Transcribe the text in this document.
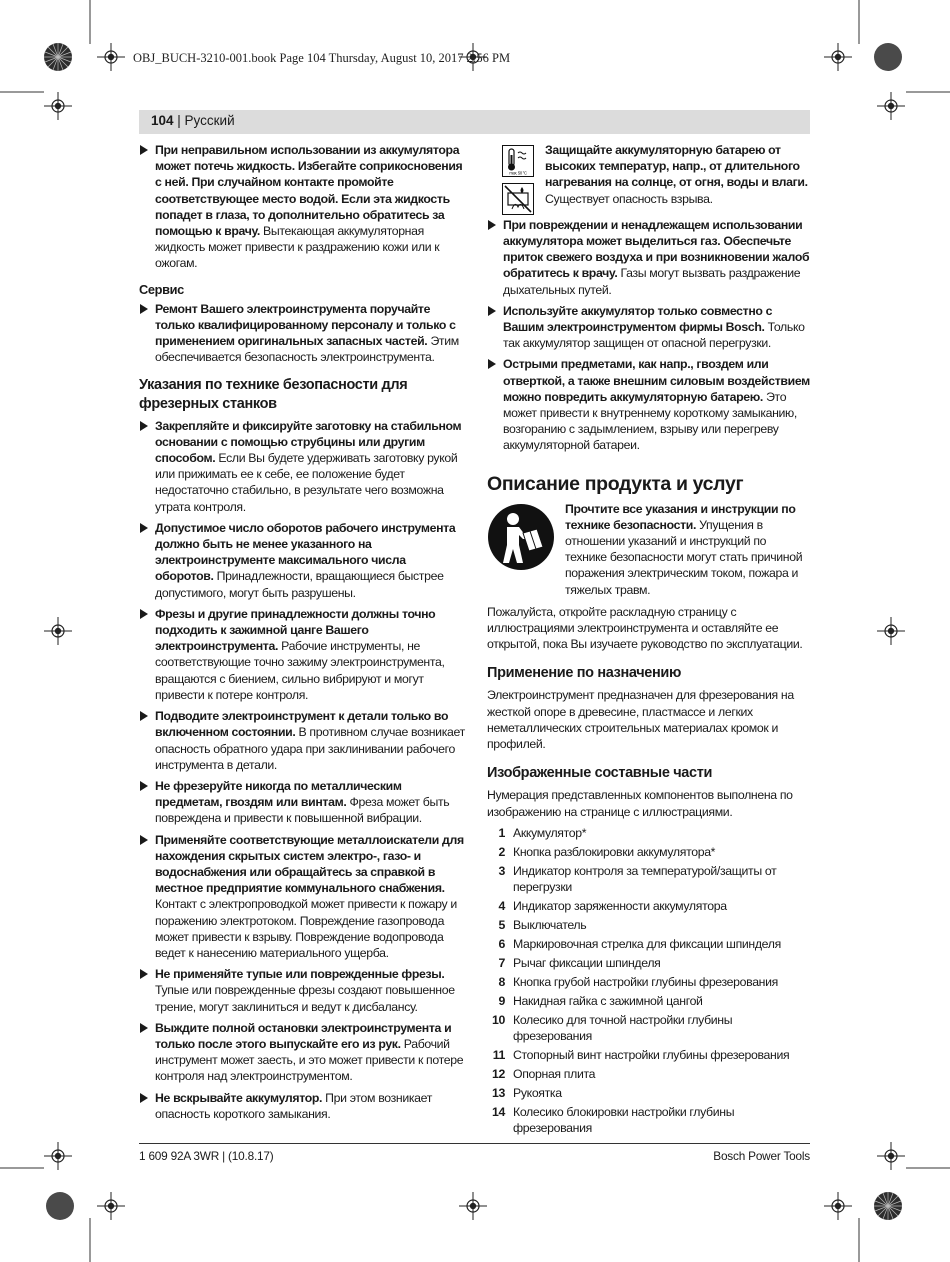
OBJ_BUCH-3210-001.book Page 104 Thursday, August 10, 2017 2:56 PM
104 | Русский
При неправильном использовании из аккумулятора может потечь жидкость. Избегайте соприкосновения с ней. При случайном контакте промойте соответствующее место водой. Если эта жидкость попадет в глаза, то дополнительно обратитесь за помощью к врачу. Вытекающая аккумуляторная жидкость может привести к раздражению кожи или к ожогам.
Сервис
Ремонт Вашего электроинструмента поручайте только квалифицированному персоналу и только с применением оригинальных запасных частей. Этим обеспечивается безопасность электроинструмента.
Указания по технике безопасности для фрезерных станков
Закрепляйте и фиксируйте заготовку на стабильном основании с помощью струбцины или другим способом. Если Вы будете удерживать заготовку рукой или прижимать ее к себе, ее положение будет недостаточно стабильно, в результате чего возможна утрата контроля.
Допустимое число оборотов рабочего инструмента должно быть не менее указанного на электроинструменте максимального числа оборотов. Принадлежности, вращающиеся быстрее допустимого, могут быть разрушены.
Фрезы и другие принадлежности должны точно подходить к зажимной цанге Вашего электроинструмента. Рабочие инструменты, не соответствующие точно зажиму электроинструмента, вращаются с биением, сильно вибрируют и могут привести к потере контроля.
Подводите электроинструмент к детали только во включенном состоянии. В противном случае возникает опасность обратного удара при заклинивании рабочего инструмента в детали.
Не фрезеруйте никогда по металлическим предметам, гвоздям или винтам. Фреза может быть повреждена и привести к повышенной вибрации.
Применяйте соответствующие металлоискатели для нахождения скрытых систем электро-, газо- и водоснабжения или обращайтесь за справкой в местное предприятие коммунального снабжения. Контакт с электропроводкой может привести к пожару и поражению электротоком. Повреждение газопровода может привести к взрыву. Повреждение водопровода ведет к нанесению материального ущерба.
Не применяйте тупые или поврежденные фрезы. Тупые или поврежденные фрезы создают повышенное трение, могут заклиниться и ведут к дисбалансу.
Выждите полной остановки электроинструмента и только после этого выпускайте его из рук. Рабочий инструмент может заесть, и это может привести к потере контроля над электроинструментом.
Не вскрывайте аккумулятор. При этом возникает опасность короткого замыкания.
max. 50 °C
Защищайте аккумуляторную батарею от высоких температур, напр., от длительного нагревания на солнце, от огня, воды и влаги. Существует опасность взрыва.
При повреждении и ненадлежащем использовании аккумулятора может выделиться газ. Обеспечьте приток свежего воздуха и при возникновении жалоб обратитесь к врачу. Газы могут вызвать раздражение дыхательных путей.
Используйте аккумулятор только совместно с Вашим электроинструментом фирмы Bosch. Только так аккумулятор защищен от опасной перегрузки.
Острыми предметами, как напр., гвоздем или отверткой, а также внешним силовым воздействием можно повредить аккумуляторную батарею. Это может привести к внутреннему короткому замыканию, возгоранию с задымлением, взрыву или перегреву аккумуляторной батареи.
Описание продукта и услуг
Прочтите все указания и инструкции по технике безопасности. Упущения в отношении указаний и инструкций по технике безопасности могут стать причиной поражения электрическим током, пожара и тяжелых травм.

Пожалуйста, откройте раскладную страницу с иллюстрациями электроинструмента и оставляйте ее открытой, пока Вы изучаете руководство по эксплуатации.

Применение по назначению

Электроинструмент предназначен для фрезерования на жесткой опоре в древесине, пластмассе и легких неметаллических строительных материалах кромок и профилей.

Изображенные составные части

Нумерация представленных компонентов выполнена по изображению на странице с иллюстрациями.

1 Аккумулятор*
2 Кнопка разблокировки аккумулятора*
3 Индикатор контроля за температурой/защиты от перегрузки
4 Индикатор заряженности аккумулятора
5 Выключатель
6 Маркировочная стрелка для фиксации шпинделя
7 Рычаг фиксации шпинделя
8 Кнопка грубой настройки глубины фрезерования
9 Накидная гайка с зажимной цангой
10 Колесико для точной настройки глубины фрезерования
11 Стопорный винт настройки глубины фрезерования
12 Опорная плита
13 Рукоятка
14 Колесико блокировки настройки глубины фрезерования
1 609 92A 3WR | (10.8.17)	Bosch Power Tools
